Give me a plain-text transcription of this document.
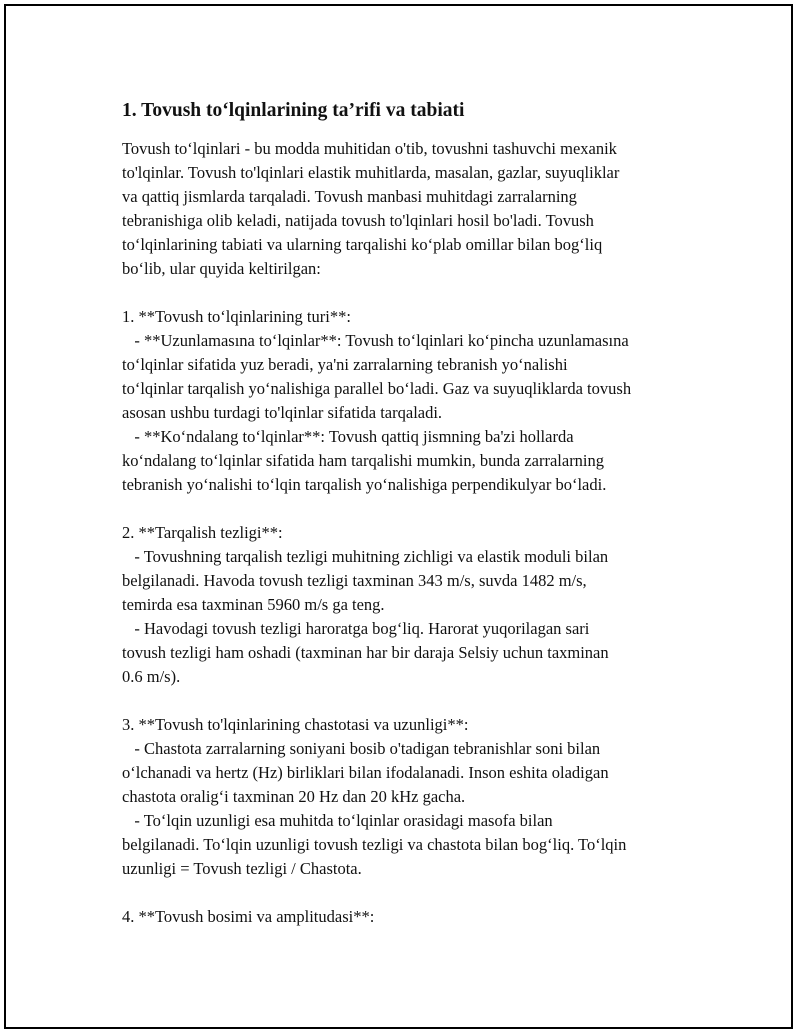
1. Tovush to‘lqinlarining ta’rifi va tabiati
Tovush to‘lqinlari - bu modda muhitidan o'tib, tovushni tashuvchi mexanik
to'lqinlar. Tovush to'lqinlari elastik muhitlarda, masalan, gazlar, suyuqliklar
va qattiq jismlarda tarqaladi. Tovush manbasi muhitdagi zarralarning
tebranishiga olib keladi, natijada tovush to'lqinlari hosil bo'ladi. Tovush
to‘lqinlarining tabiati va ularning tarqalishi ko‘plab omillar bilan bog‘liq
bo‘lib, ular quyida keltirilgan:
1. **Tovush to‘lqinlarining turi**:
- **Uzunlamasına to‘lqinlar**: Tovush to‘lqinlari ko‘pincha uzunlamasına
to‘lqinlar sifatida yuz beradi, ya'ni zarralarning tebranish yo‘nalishi
to‘lqinlar tarqalish yo‘nalishiga parallel bo‘ladi. Gaz va suyuqliklarda tovush
asosan ushbu turdagi to'lqinlar sifatida tarqaladi.
- **Ko‘ndalang to‘lqinlar**: Tovush qattiq jismning ba'zi hollarda
ko‘ndalang to‘lqinlar sifatida ham tarqalishi mumkin, bunda zarralarning
tebranish yo‘nalishi to‘lqin tarqalish yo‘nalishiga perpendikulyar bo‘ladi.
2. **Tarqalish tezligi**:
- Tovushning tarqalish tezligi muhitning zichligi va elastik moduli bilan
belgilanadi. Havoda tovush tezligi taxminan 343 m/s, suvda 1482 m/s,
temirda esa taxminan 5960 m/s ga teng.
- Havodagi tovush tezligi haroratga bog‘liq. Harorat yuqorilagan sari
tovush tezligi ham oshadi (taxminan har bir daraja Selsiy uchun taxminan
0.6 m/s).
3. **Tovush to'lqinlarining chastotasi va uzunligi**:
- Chastota zarralarning soniyani bosib o'tadigan tebranishlar soni bilan
o‘lchanadi va hertz (Hz) birliklari bilan ifodalanadi. Inson eshita oladigan
chastota oralig‘i taxminan 20 Hz dan 20 kHz gacha.
- To‘lqin uzunligi esa muhitda to‘lqinlar orasidagi masofa bilan
belgilanadi. To‘lqin uzunligi tovush tezligi va chastota bilan bog‘liq. To‘lqin
uzunligi = Tovush tezligi / Chastota.
4. **Tovush bosimi va amplitudasi**:
